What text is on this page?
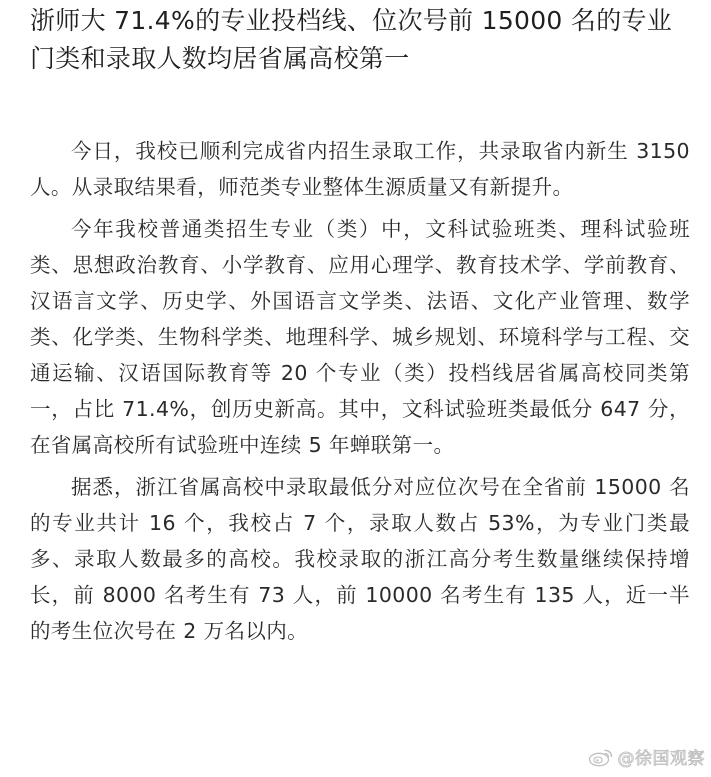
浙师大 71.4%的专业投档线、位次号前 15000 名的专业门类和录取人数均居省属高校第一

今日，我校已顺利完成省内招生录取工作，共录取省内新生 3150 人。从录取结果看，师范类专业整体生源质量又有新提升。

今年我校普通类招生专业（类）中，文科试验班类、理科试验班类、思想政治教育、小学教育、应用心理学、教育技术学、学前教育、汉语言文学、历史学、外国语言文学类、法语、文化产业管理、数学类、化学类、生物科学类、地理科学、城乡规划、环境科学与工程、交通运输、汉语国际教育等 20 个专业（类）投档线居省属高校同类第一，占比 71.4%，创历史新高。其中，文科试验班类最低分 647 分，在省属高校所有试验班中连续 5 年蝉联第一。

据悉，浙江省属高校中录取最低分对应位次号在全省前 15000 名的专业共计 16 个，我校占 7 个，录取人数占 53%，为专业门类最多、录取人数最多的高校。我校录取的浙江高分考生数量继续保持增长，前 8000 名考生有 73 人，前 10000 名考生有 135 人，近一半的考生位次号在 2 万名以内。

@徐国观察
